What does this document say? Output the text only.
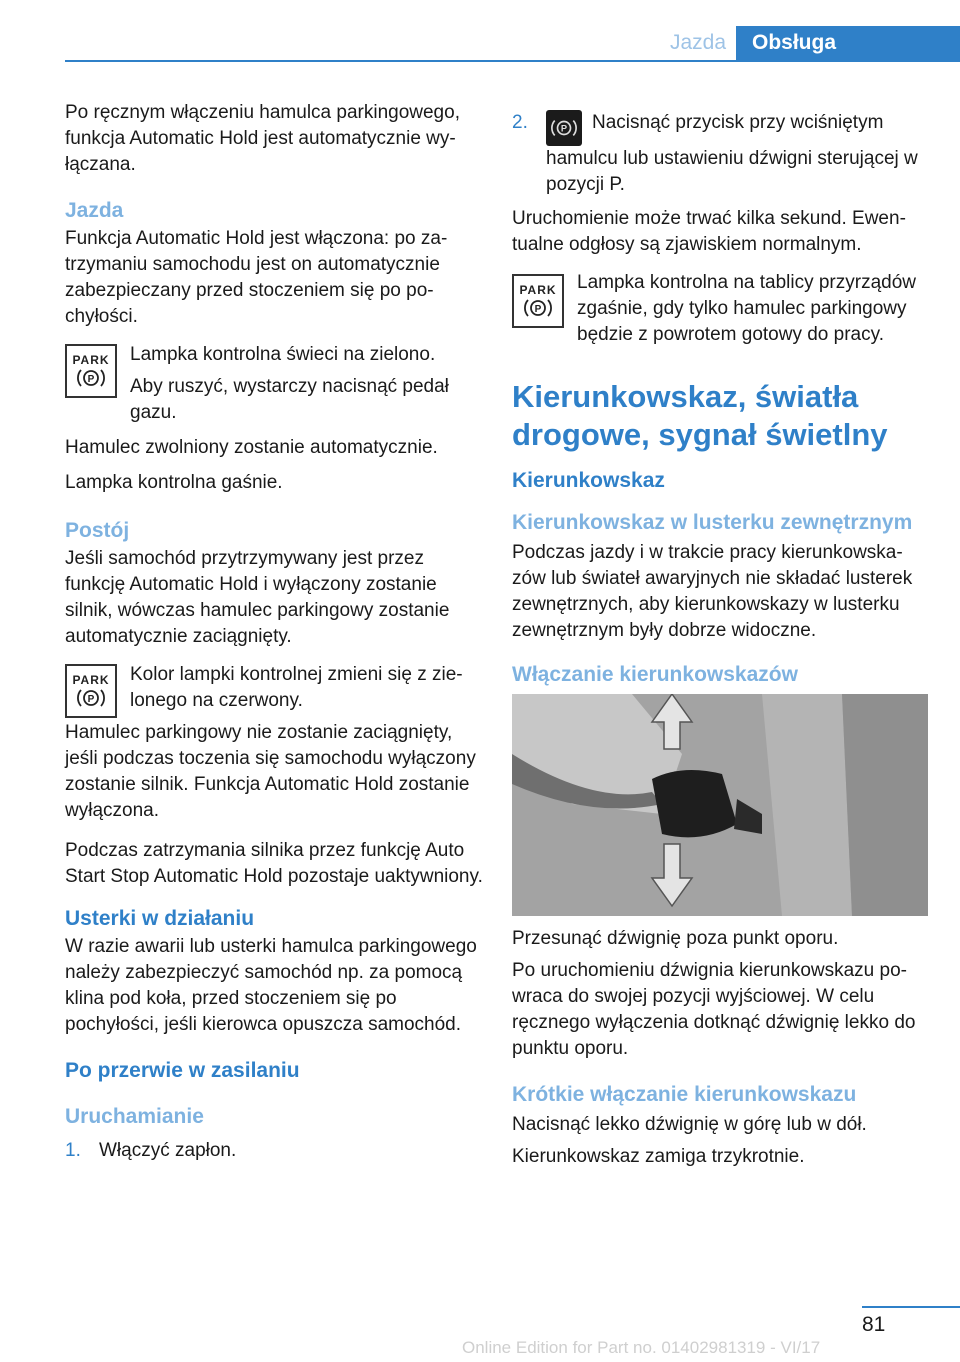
Jazda	Obsługa

Po ręcznym włączeniu hamulca parkingowego, funkcja Automatic Hold jest automatycznie wyłączana.

Jazda

Funkcja Automatic Hold jest włączona: po zatrzymaniu samochodu jest on automatycznie zabezpieczany przed stoczeniem się po pochyłości.

PARK
P

Lampka kontrolna świeci na zielono.

Aby ruszyć, wystarczy nacisnąć pedał gazu.

Hamulec zwolniony zostanie automatycznie.

Lampka kontrolna gaśnie.

Postój

Jeśli samochód przytrzymywany jest przez funkcję Automatic Hold i wyłączony zostanie silnik, wówczas hamulec parkingowy zostanie automatycznie zaciągnięty.

PARK
P

Kolor lampki kontrolnej zmieni się z zielonego na czerwony.

Hamulec parkingowy nie zostanie zaciągnięty, jeśli podczas toczenia się samochodu wyłączony zostanie silnik. Funkcja Automatic Hold zostanie wyłączona.

Podczas zatrzymania silnika przez funkcję Auto Start Stop Automatic Hold pozostaje uaktywniony.

Usterki w działaniu

W razie awarii lub usterki hamulca parkingowego należy zabezpieczyć samochód np. za pomocą klina pod koła, przed stoczeniem się po pochyłości, jeśli kierowca opuszcza samochód.

Po przerwie w zasilaniu
Uruchamianie
1. Włączyć zapłon.
2.	P Nacisnąć przycisk przy wciśniętym hamulcu lub ustawieniu dźwigni sterującej w pozycji P.

Uruchomienie może trwać kilka sekund. Ewentualne odgłosy są zjawiskiem normalnym.

PARK
P

Lampka kontrolna na tablicy przyrządów zgaśnie, gdy tylko hamulec parkingowy będzie z powrotem gotowy do pracy.

Kierunkowskaz, światła drogowe, sygnał świetlny
Kierunkowskaz
Kierunkowskaz w lusterku zewnętrznym

Podczas jazdy i w trakcie pracy kierunkowskazów lub świateł awaryjnych nie składać lusterek zewnętrznych, aby kierunkowskazy w lusterku zewnętrznym były dobrze widoczne.

Włączanie kierunkowskazów

Przesunąć dźwignię poza punkt oporu.

Po uruchomieniu dźwignia kierunkowskazu powraca do swojej pozycji wyjściowej. W celu ręcznego wyłączenia dotknąć dźwignię lekko do punktu oporu.

Krótkie włączanie kierunkowskazu

Nacisnąć lekko dźwignię w górę lub w dół.

Kierunkowskaz zamiga trzykrotnie.

81
Online Edition for Part no. 01402981319 - VI/17
